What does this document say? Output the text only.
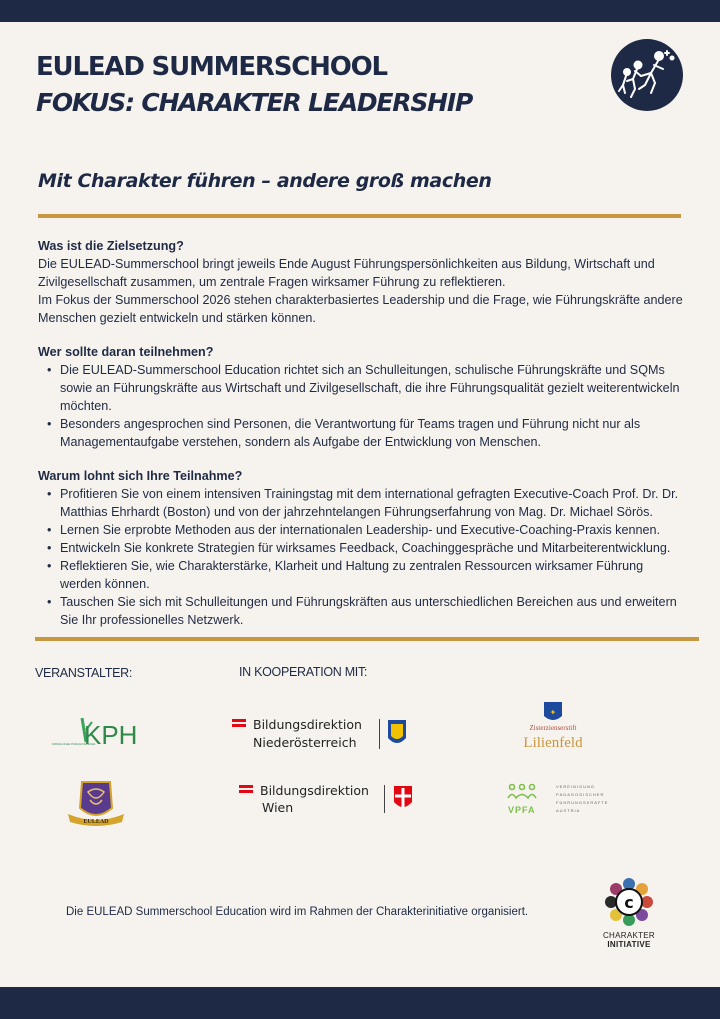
EULEAD SUMMERSCHOOL
FOKUS: CHARAKTER LEADERSHIP
Mit Charakter führen – andere groß machen
Was ist die Zielsetzung?

Die EULEAD-Summerschool bringt jeweils Ende August Führungspersönlichkeiten aus Bildung, Wirtschaft und Zivilgesellschaft zusammen, um zentrale Fragen wirksamer Führung zu reflektieren.

Im Fokus der Summerschool 2026 stehen charakterbasiertes Leadership und die Frage, wie Führungskräfte andere Menschen gezielt entwickeln und stärken können.

Wer sollte daran teilnehmen?
• Die EULEAD-Summerschool Education richtet sich an Schulleitungen, schulische Führungskräfte und SQMs sowie an Führungskräfte aus Wirtschaft und Zivilgesellschaft, die ihre Führungsqualität gezielt weiterentwickeln möchten.
• Besonders angesprochen sind Personen, die Verantwortung für Teams tragen und Führung nicht nur als Managementaufgabe verstehen, sondern als Aufgabe der Entwicklung von Menschen.
Warum lohnt sich Ihre Teilnahme?
• Profitieren Sie von einem intensiven Trainingstag mit dem international gefragten Executive-Coach Prof. Dr. Dr. Matthias Ehrhardt (Boston) und von der jahrzehntelangen Führungserfahrung von Mag. Dr. Michael Sörös.
• Lernen Sie erprobte Methoden aus der internationalen Leadership- und Executive-Coaching-Praxis kennen.
• Entwickeln Sie konkrete Strategien für wirksames Feedback, Coachinggespräche und Mitarbeiterentwicklung.
• Reflektieren Sie, wie Charakterstärke, Klarheit und Haltung zu zentralen Ressourcen wirksamer Führung werden können.
• Tauschen Sie sich mit Schulleitungen und Führungskräften aus unterschiedlichen Bereichen aus und erweitern Sie Ihr professionelles Netzwerk.
VERANSTALTER:	IN KOOPERATION MIT:
KPH
KIRCHLICHE PÄDAGOGISCHE
EULEAD
Bildungsdirektion
Niederösterreich
Bildungsdirektion
Wien
✦
Zisterzienserstift
Lilienfeld
VPFA
VEREINIGUNG
PÄDAGOGISCHER
FÜHRUNGSKRÄFTE
AUSTRIA
Die EULEAD Summerschool Education wird im Rahmen der Charakterinitiative organisiert.	c
CHARAKTER
INITIATIVE
